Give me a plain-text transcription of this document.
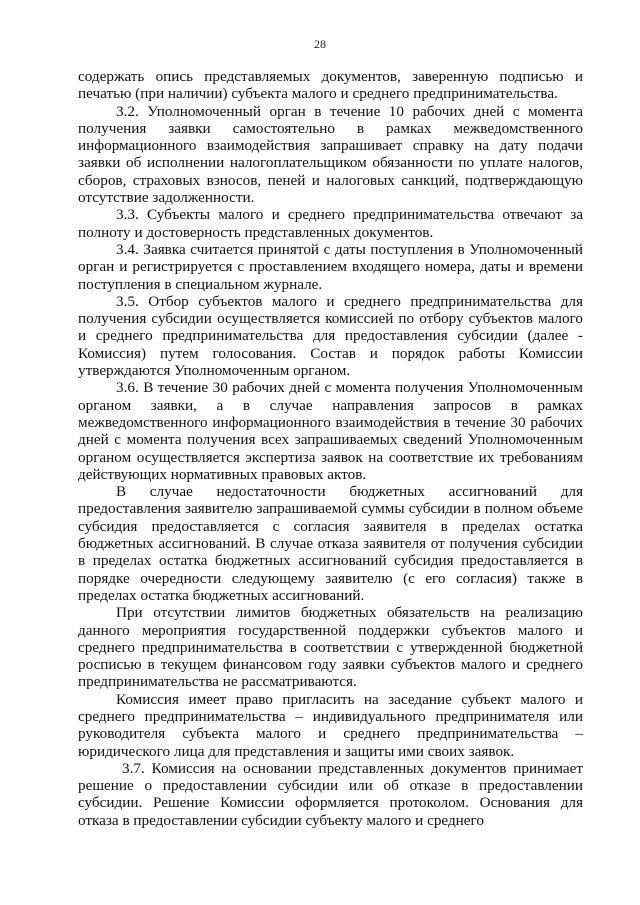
28

содержать опись представляемых документов, заверенную подписью и печатью (при наличии) субъекта малого и среднего предпринимательства.

3.2. Уполномоченный орган в течение 10 рабочих дней с момента получения заявки самостоятельно в рамках межведомственного информационного взаимодействия запрашивает справку на дату подачи заявки об исполнении налогоплательщиком обязанности по уплате налогов, сборов, страховых взносов, пеней и налоговых санкций, подтверждающую отсутствие задолженности.

3.3. Субъекты малого и среднего предпринимательства отвечают за полноту и достоверность представленных документов.

3.4. Заявка считается принятой с даты поступления в Уполномоченный орган и регистрируется с проставлением входящего номера, даты и времени поступления в специальном журнале.

3.5. Отбор субъектов малого и среднего предпринимательства для получения субсидии осуществляется комиссией по отбору субъектов малого и среднего предпринимательства для предоставления субсидии (далее - Комиссия) путем голосования. Состав и порядок работы Комиссии утверждаются Уполномоченным органом.

3.6. В течение 30 рабочих дней с момента получения Уполномоченным органом заявки, а в случае направления запросов в рамках межведомственного информационного взаимодействия в течение 30 рабочих дней с момента получения всех запрашиваемых сведений Уполномоченным органом осуществляется экспертиза заявок на соответствие их требованиям действующих нормативных правовых актов.

В случае недостаточности бюджетных ассигнований для предоставления заявителю запрашиваемой суммы субсидии в полном объеме субсидия предоставляется с согласия заявителя в пределах остатка бюджетных ассигнований. В случае отказа заявителя от получения субсидии в пределах остатка бюджетных ассигнований субсидия предоставляется в порядке очередности следующему заявителю (с его согласия) также в пределах остатка бюджетных ассигнований.

При отсутствии лимитов бюджетных обязательств на реализацию данного мероприятия государственной поддержки субъектов малого и среднего предпринимательства в соответствии с утвержденной бюджетной росписью в текущем финансовом году заявки субъектов малого и среднего предпринимательства не рассматриваются.

Комиссия имеет право пригласить на заседание субъект малого и среднего предпринимательства – индивидуального предпринимателя или руководителя субъекта малого и среднего предпринимательства – юридического лица для представления и защиты ими своих заявок.

3.7. Комиссия на основании представленных документов принимает решение о предоставлении субсидии или об отказе в предоставлении субсидии. Решение Комиссии оформляется протоколом. Основания для отказа в предоставлении субсидии субъекту малого и среднего
